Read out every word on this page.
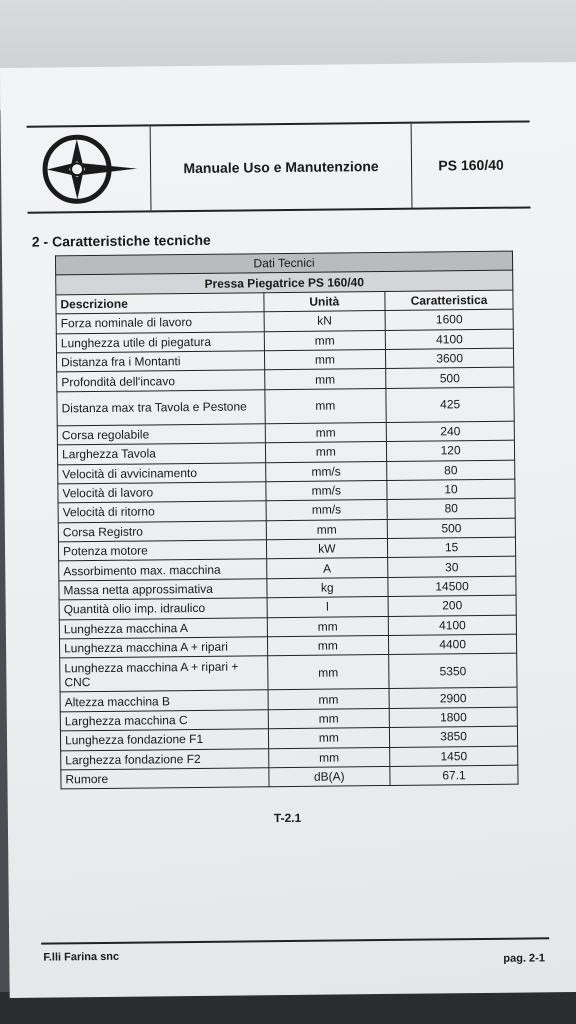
Manuale Uso e Manutenzione	PS 160/40
2 - Caratteristiche tecniche
Dati Tecnici		
Pressa Piegatrice PS 160/40		
Descrizione	Unità	Caratteristica
Forza nominale di lavoro	kN	1600
Lunghezza utile di piegatura	mm	4100
Distanza fra i Montanti	mm	3600
Profondità dell'incavo	mm	500
Distanza max tra Tavola e Pestone	mm	425
Corsa regolabile	mm	240
Larghezza Tavola	mm	120
Velocità di avvicinamento	mm/s	80
Velocità di lavoro	mm/s	10
Velocità di ritorno	mm/s	80
Corsa Registro	mm	500
Potenza motore	kW	15
Assorbimento max. macchina	A	30
Massa netta approssimativa	kg	14500
Quantità olio imp. idraulico	l	200
Lunghezza macchina A	mm	4100
Lunghezza macchina A + ripari	mm	4400
Lunghezza macchina A + ripari + CNC	mm	5350
Altezza macchina B	mm	2900
Larghezza macchina C	mm	1800
Lunghezza fondazione F1	mm	3850
Larghezza fondazione F2	mm	1450
Rumore	dB(A)	67.1
T-2.1
F.lli Farina snc	pag. 2-1
